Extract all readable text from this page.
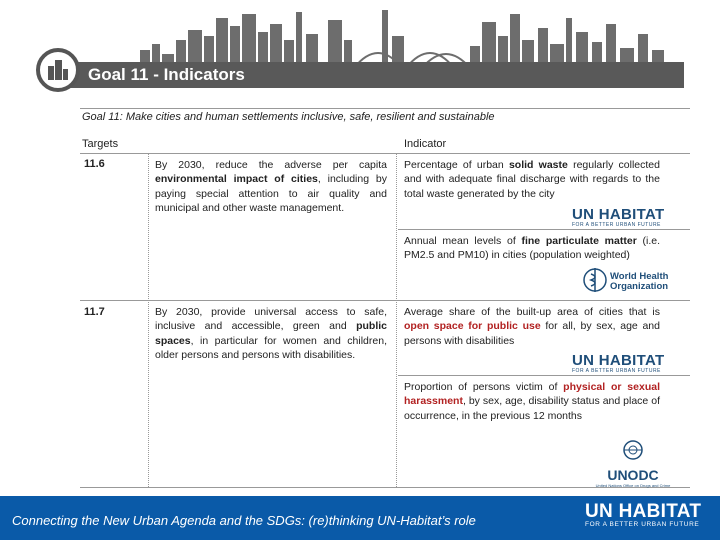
Goal 11 - Indicators
Goal 11: Make cities and human settlements inclusive, safe, resilient and sustainable
Targets	Indicator
11.6	By 2030, reduce the adverse per capita environmental impact of cities, including by paying special attention to air quality and municipal and other waste management.
Percentage of urban solid waste regularly collected and with adequate final discharge with regards to the total waste generated by the city
UN HABITAT
FOR A BETTER URBAN FUTURE
Annual mean levels of fine particulate matter (i.e. PM2.5 and PM10) in cities (population weighted)
World Health
Organization
11.7	By 2030, provide universal access to safe, inclusive and accessible, green and public spaces, in particular for women and children, older persons and persons with disabilities.
Average share of the built-up area of cities that is open space for public use for all, by sex, age and persons with disabilities
UN HABITAT
FOR A BETTER URBAN FUTURE
Proportion of persons victim of physical or sexual harassment, by sex, age, disability status and place of occurrence, in the previous 12 months
UNODC
United Nations Office on Drugs and Crime
Connecting the New Urban Agenda and the SDGs: (re)thinking UN-Habitat’s role	UN HABITAT
FOR A BETTER URBAN FUTURE
